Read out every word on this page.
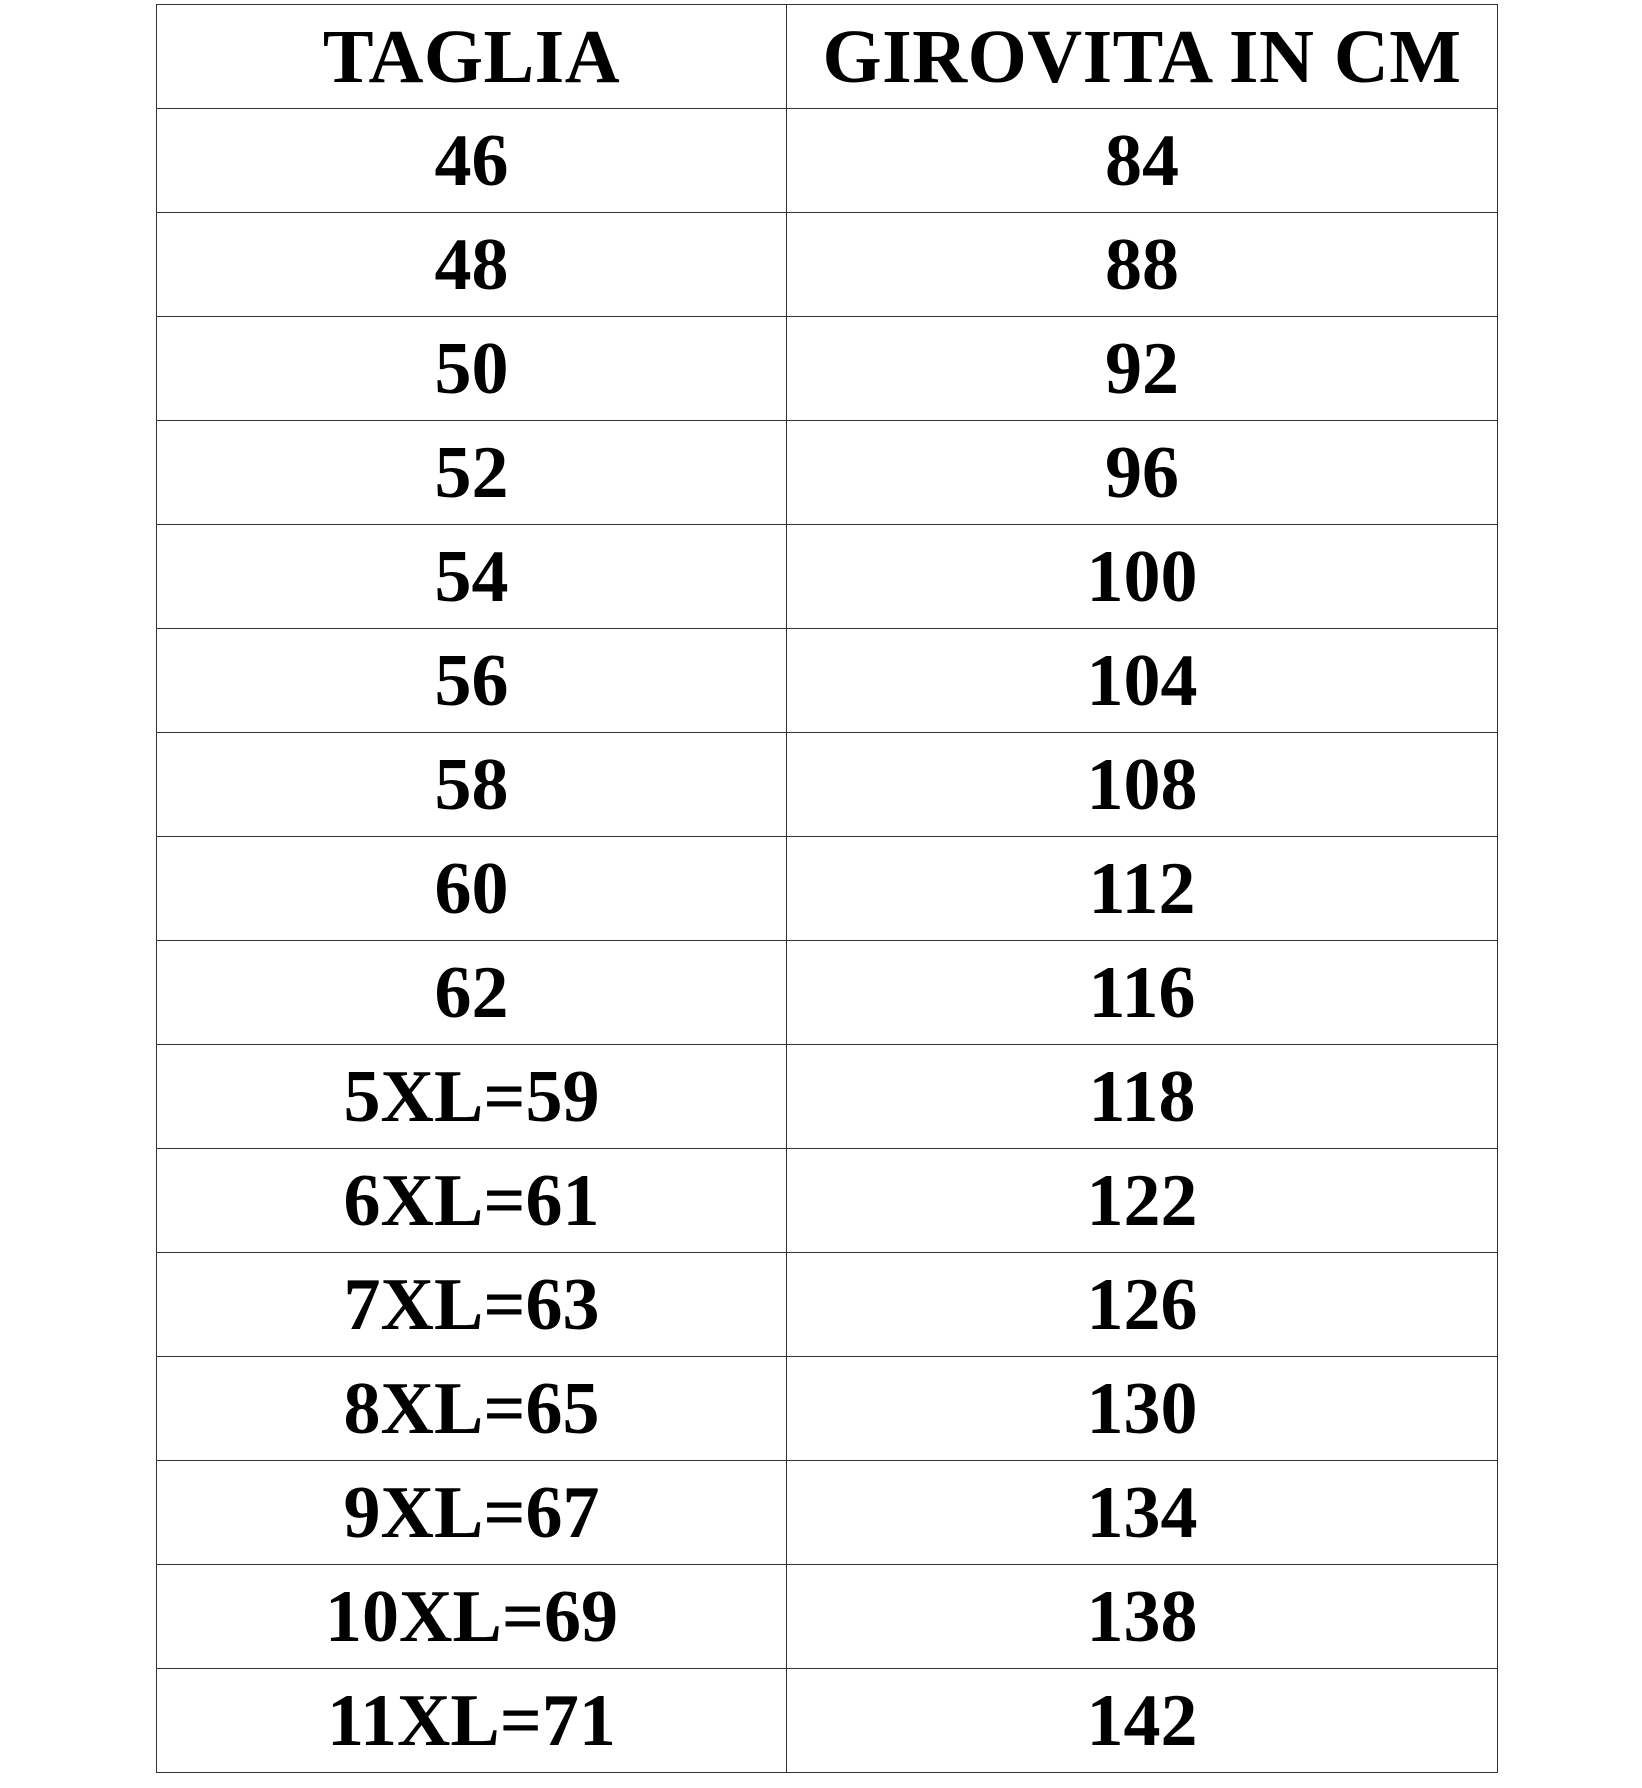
TAGLIA	GIROVITA IN CM
46	84
48	88
50	92
52	96
54	100
56	104
58	108
60	112
62	116
5XL=59	118
6XL=61	122
7XL=63	126
8XL=65	130
9XL=67	134
10XL=69	138
11XL=71	142
